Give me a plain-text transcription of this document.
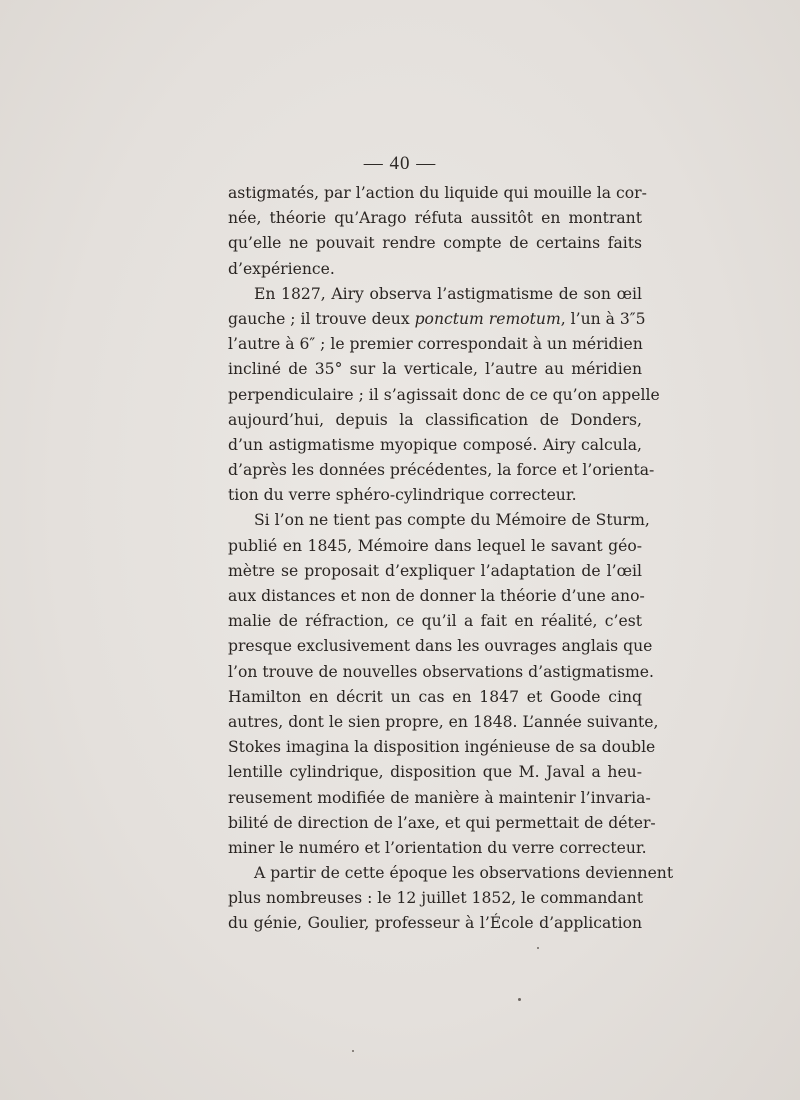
— 40 —
astigmatés, par l’action du liquide qui mouille la cor-
née, théorie qu’Arago réfuta aussitôt en montrant
qu’elle ne pouvait rendre compte de certains faits
d’expérience.
En 1827, Airy observa l’astigmatisme de son œil
gauche ; il trouve deux ponctum remotum, l’un à 3″5
l’autre à 6″ ; le premier correspondait à un méridien
incliné de 35° sur la verticale, l’autre au méridien
perpendiculaire ; il s’agissait donc de ce qu’on appelle
aujourd’hui, depuis la classification de Donders,
d’un astigmatisme myopique composé. Airy calcula,
d’après les données précédentes, la force et l’orienta-
tion du verre sphéro-cylindrique correcteur.
Si l’on ne tient pas compte du Mémoire de Sturm,
publié en 1845, Mémoire dans lequel le savant géo-
mètre se proposait d’expliquer l’adaptation de l’œil
aux distances et non de donner la théorie d’une ano-
malie de réfraction, ce qu’il a fait en réalité, c’est
presque exclusivement dans les ouvrages anglais que
l’on trouve de nouvelles observations d’astigmatisme.
Hamilton en décrit un cas en 1847 et Goode cinq
autres, dont le sien propre, en 1848. L’année suivante,
Stokes imagina la disposition ingénieuse de sa double
lentille cylindrique, disposition que M. Javal a heu-
reusement modifiée de manière à maintenir l’invaria-
bilité de direction de l’axe, et qui permettait de déter-
miner le numéro et l’orientation du verre correcteur.
A partir de cette époque les observations deviennent
plus nombreuses : le 12 juillet 1852, le commandant
du génie, Goulier, professeur à l’École d’application
